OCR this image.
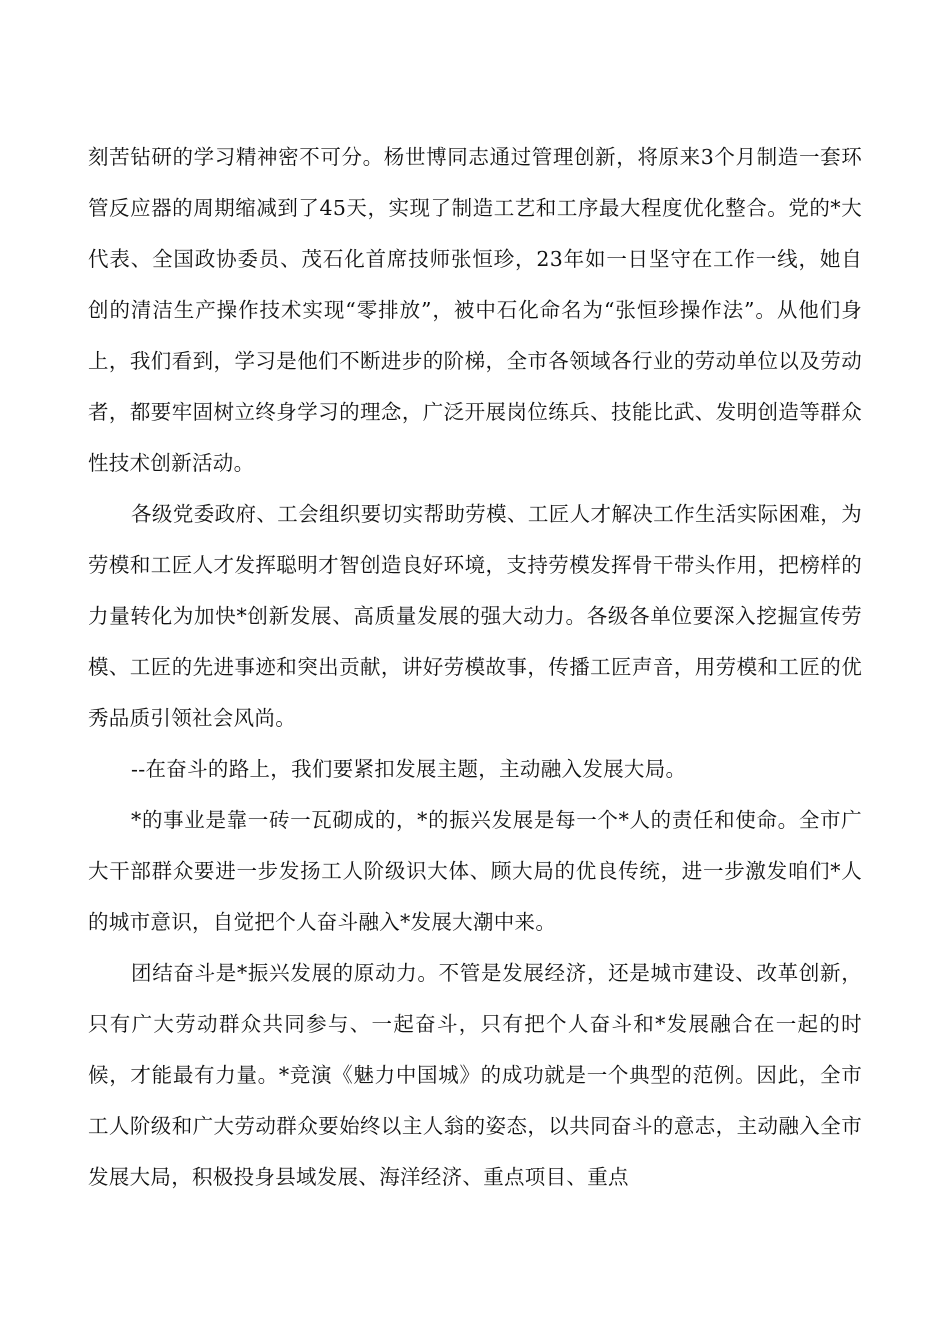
刻苦钻研的学习精神密不可分。杨世博同志通过管理创新，将原来3个月制造一套环管反应器的周期缩减到了45天，实现了制造工艺和工序最大程度优化整合。党的*大代表、全国政协委员、茂石化首席技师张恒珍，23年如一日坚守在工作一线，她自创的清洁生产操作技术实现“零排放”，被中石化命名为“张恒珍操作法”。从他们身上，我们看到，学习是他们不断进步的阶梯，全市各领域各行业的劳动单位以及劳动者，都要牢固树立终身学习的理念，广泛开展岗位练兵、技能比武、发明创造等群众性技术创新活动。

各级党委政府、工会组织要切实帮助劳模、工匠人才解决工作生活实际困难，为劳模和工匠人才发挥聪明才智创造良好环境，支持劳模发挥骨干带头作用，把榜样的力量转化为加快*创新发展、高质量发展的强大动力。各级各单位要深入挖掘宣传劳模、工匠的先进事迹和突出贡献，讲好劳模故事，传播工匠声音，用劳模和工匠的优秀品质引领社会风尚。

--在奋斗的路上，我们要紧扣发展主题，主动融入发展大局。

*的事业是靠一砖一瓦砌成的，*的振兴发展是每一个*人的责任和使命。全市广大干部群众要进一步发扬工人阶级识大体、顾大局的优良传统，进一步激发咱们*人的城市意识，自觉把个人奋斗融入*发展大潮中来。

团结奋斗是*振兴发展的原动力。不管是发展经济，还是城市建设、改革创新，只有广大劳动群众共同参与、一起奋斗，只有把个人奋斗和*发展融合在一起的时候，才能最有力量。*竞演《魅力中国城》的成功就是一个典型的范例。因此，全市工人阶级和广大劳动群众要始终以主人翁的姿态，以共同奋斗的意志，主动融入全市发展大局，积极投身县域发展、海洋经济、重点项目、重点
